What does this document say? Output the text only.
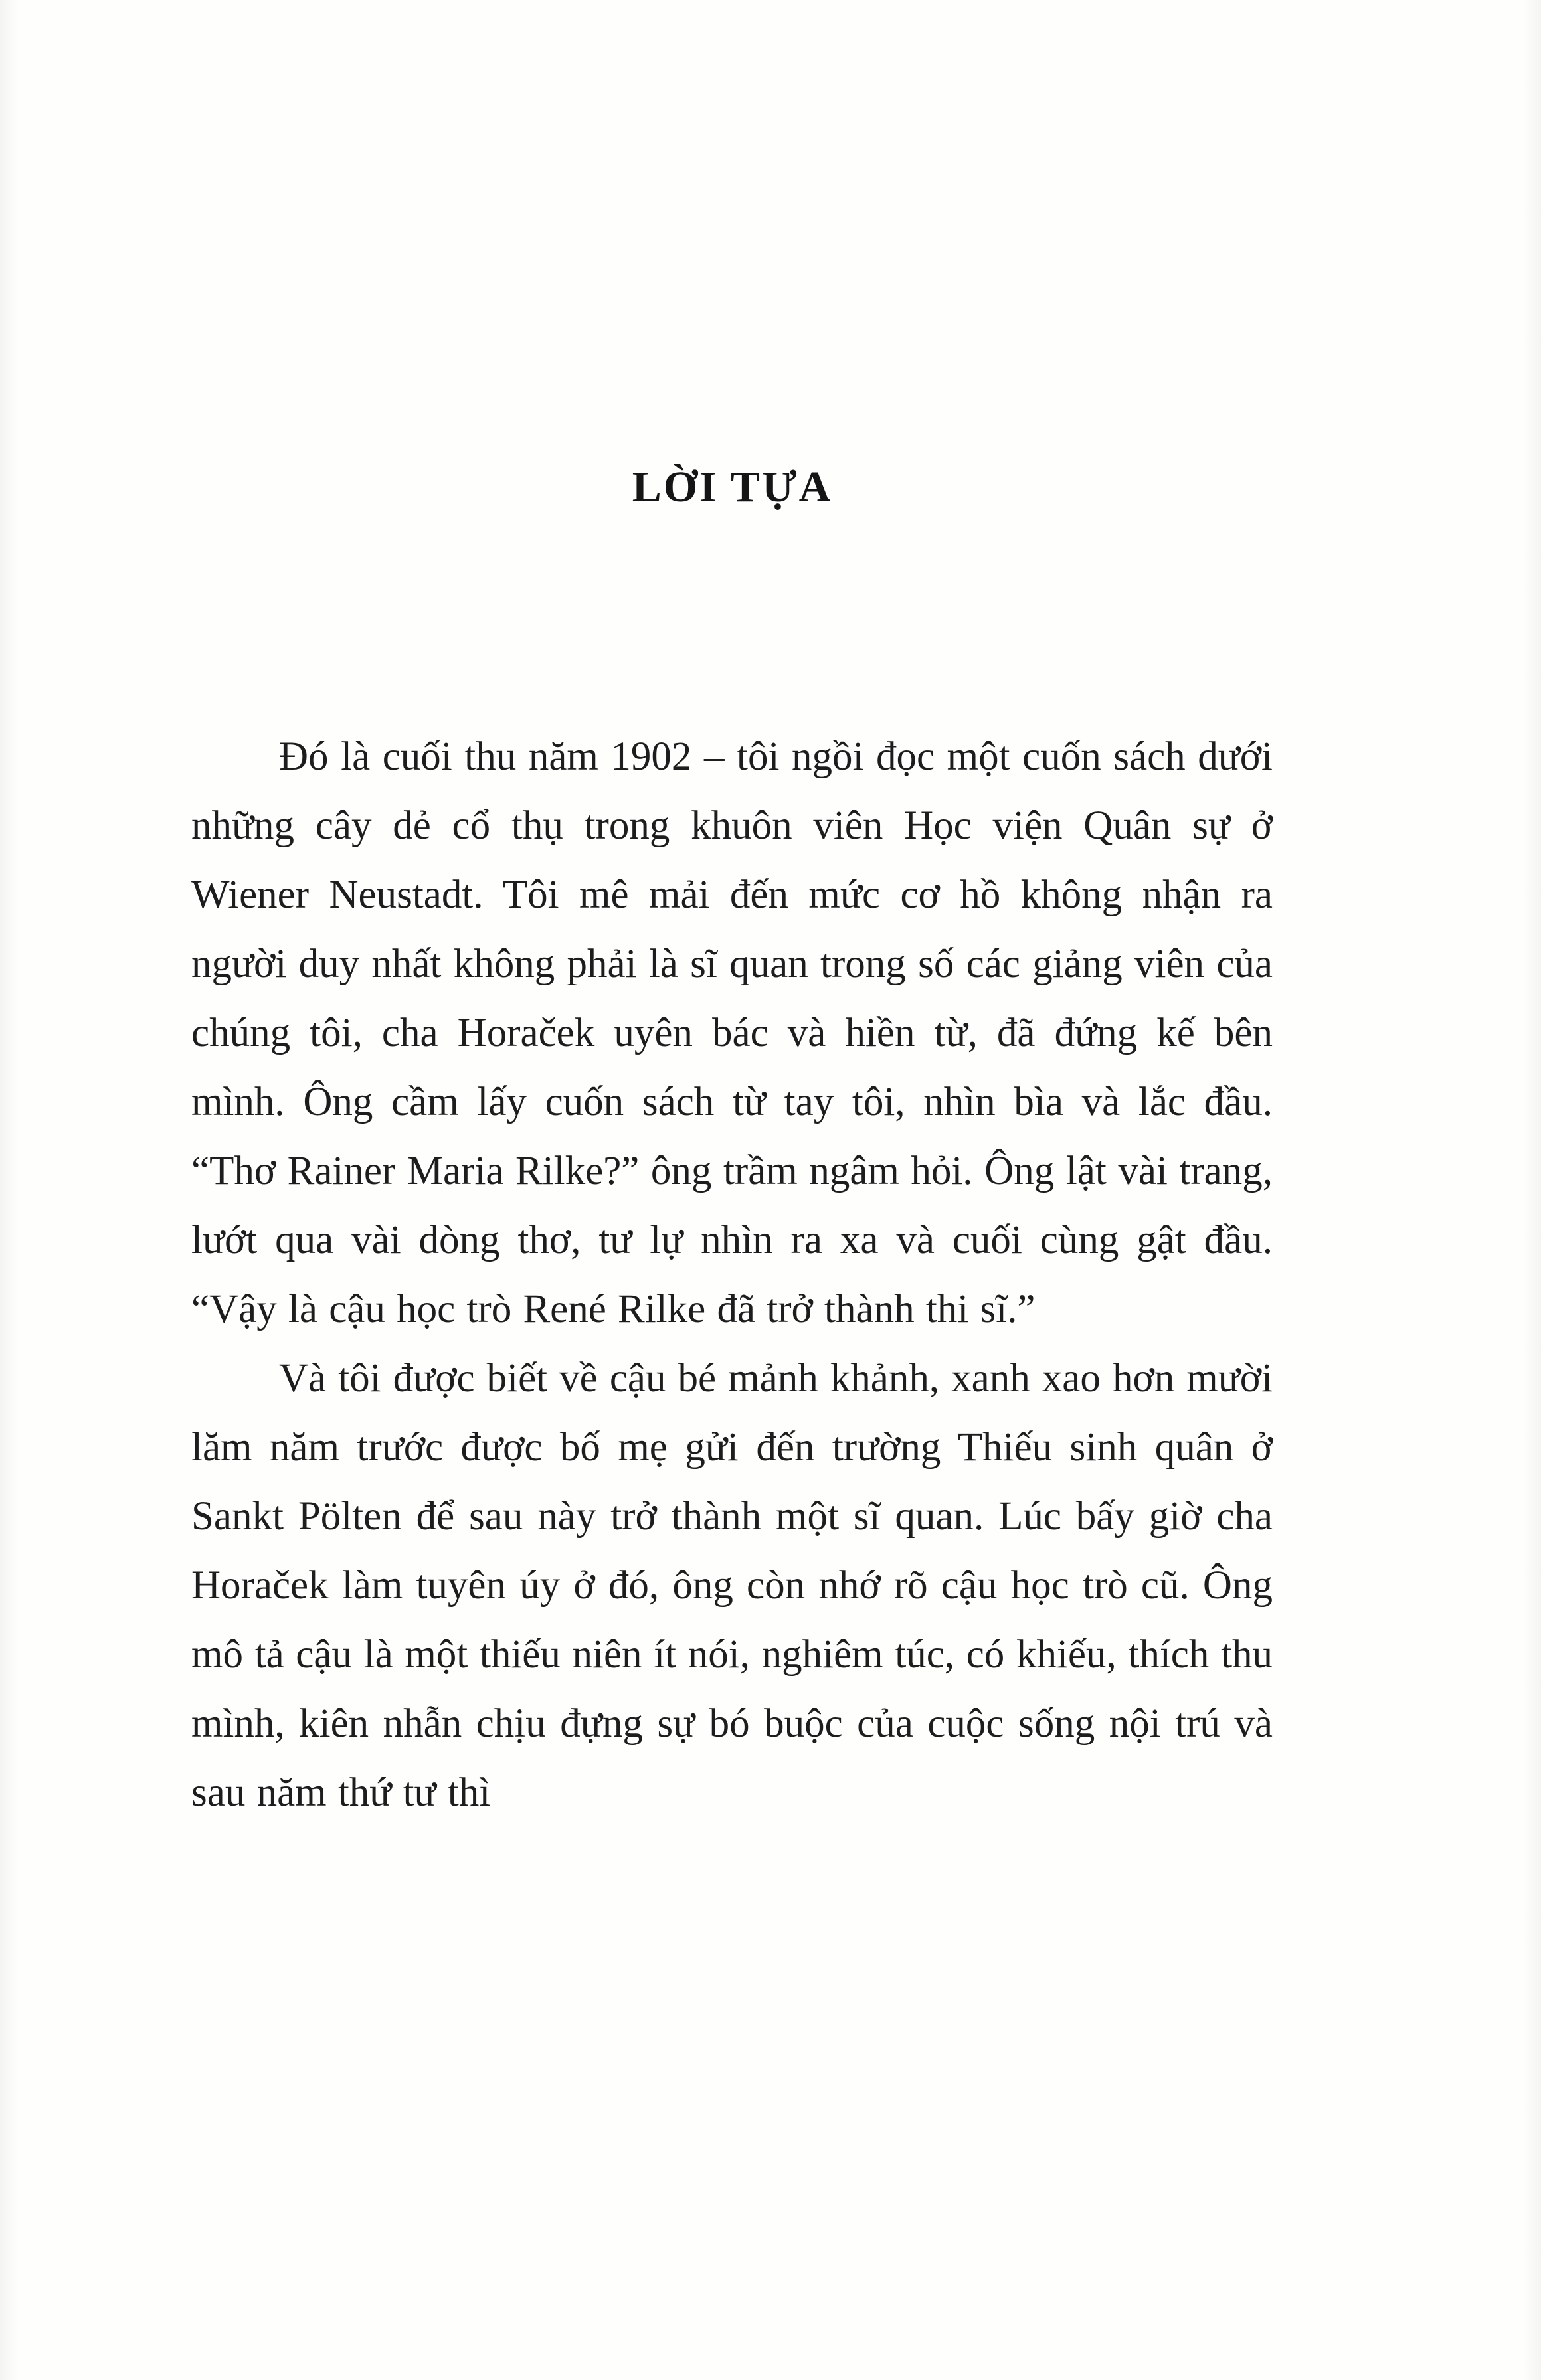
LỜI TỰA

Đó là cuối thu năm 1902 – tôi ngồi đọc một cuốn sách dưới những cây dẻ cổ thụ trong khuôn viên Học viện Quân sự ở Wiener Neustadt. Tôi mê mải đến mức cơ hồ không nhận ra người duy nhất không phải là sĩ quan trong số các giảng viên của chúng tôi, cha Horaček uyên bác và hiền từ, đã đứng kế bên mình. Ông cầm lấy cuốn sách từ tay tôi, nhìn bìa và lắc đầu. “Thơ Rainer Maria Rilke?” ông trầm ngâm hỏi. Ông lật vài trang, lướt qua vài dòng thơ, tư lự nhìn ra xa và cuối cùng gật đầu. “Vậy là cậu học trò René Rilke đã trở thành thi sĩ.”

Và tôi được biết về cậu bé mảnh khảnh, xanh xao hơn mười lăm năm trước được bố mẹ gửi đến trường Thiếu sinh quân ở Sankt Pölten để sau này trở thành một sĩ quan. Lúc bấy giờ cha Horaček làm tuyên úy ở đó, ông còn nhớ rõ cậu học trò cũ. Ông mô tả cậu là một thiếu niên ít nói, nghiêm túc, có khiếu, thích thu mình, kiên nhẫn chịu đựng sự bó buộc của cuộc sống nội trú và sau năm thứ tư thì
